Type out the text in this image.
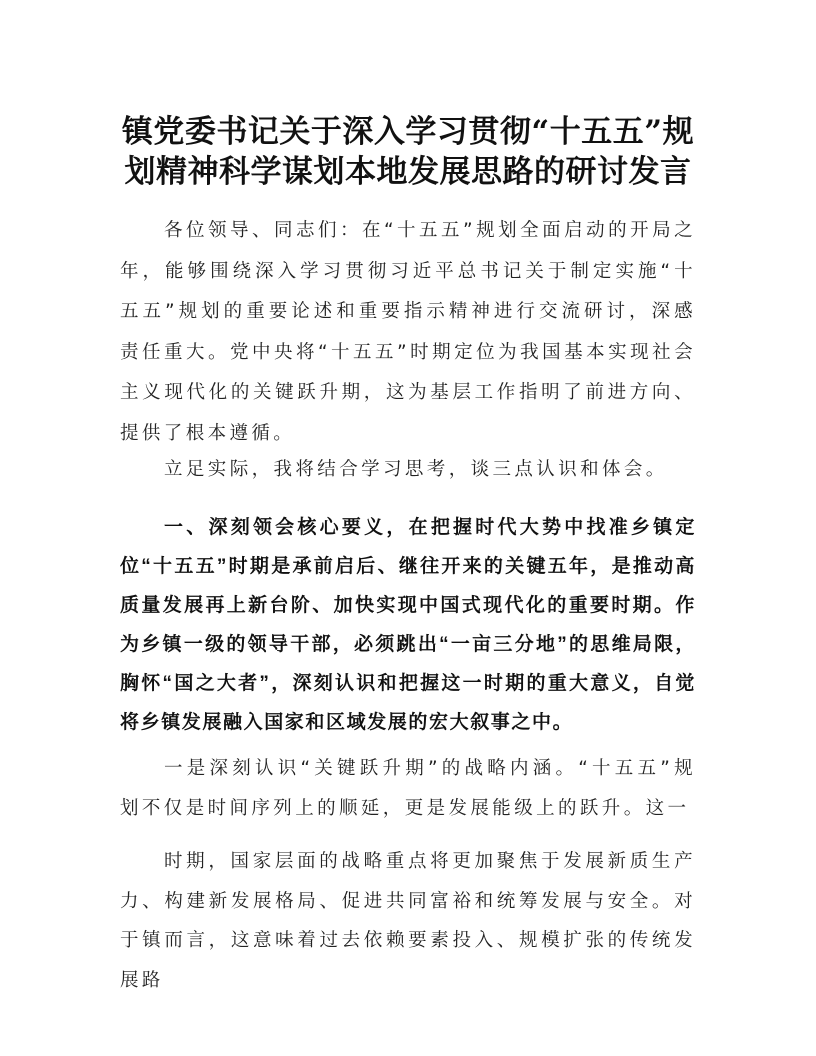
镇党委书记关于深入学习贯彻“十五五”规划精神科学谋划本地发展思路的研讨发言

各位领导、同志们：在“十五五”规划全面启动的开局之年，能够围绕深入学习贯彻习近平总书记关于制定实施“十五五”规划的重要论述和重要指示精神进行交流研讨，深感责任重大。党中央将“十五五”时期定位为我国基本实现社会主义现代化的关键跃升期，这为基层工作指明了前进方向、提供了根本遵循。

立足实际，我将结合学习思考，谈三点认识和体会。

一、深刻领会核心要义，在把握时代大势中找准乡镇定位“十五五”时期是承前启后、继往开来的关键五年，是推动高质量发展再上新台阶、加快实现中国式现代化的重要时期。作为乡镇一级的领导干部，必须跳出“一亩三分地”的思维局限，胸怀“国之大者”，深刻认识和把握这一时期的重大意义，自觉将乡镇发展融入国家和区域发展的宏大叙事之中。

一是深刻认识“关键跃升期”的战略内涵。“十五五”规划不仅是时间序列上的顺延，更是发展能级上的跃升。这一

时期，国家层面的战略重点将更加聚焦于发展新质生产力、构建新发展格局、促进共同富裕和统筹发展与安全。对于镇而言，这意味着过去依赖要素投入、规模扩张的传统发展路
